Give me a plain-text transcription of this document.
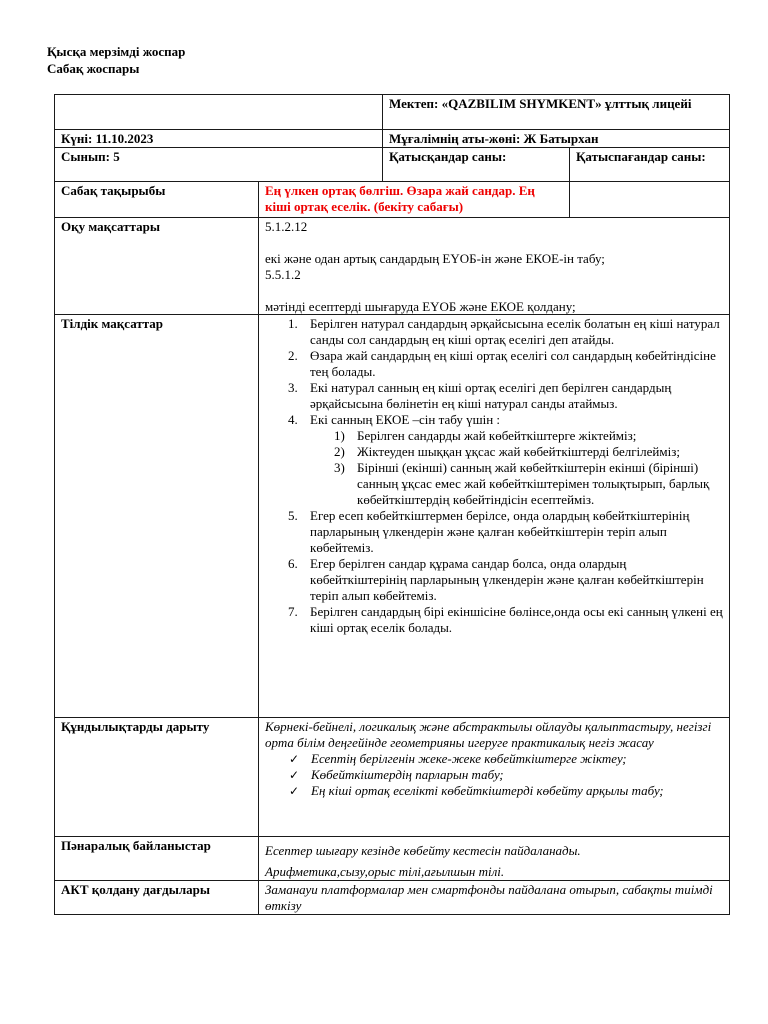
Қысқа мерзімді жоспар
Сабақ жоспары
Мектеп: «QAZBILIM SHYMKENT» ұлттық лицейі
Күні: 11.10.2023	Мұғалімнің аты-жөні: Ж Батырхан
Сынып: 5	Қатысқандар саны:	Қатыспағандар саны:
Сабақ тақырыбы	Ең үлкен ортақ бөлгіш. Өзара жай сандар. Ең кіші ортақ еселік. (бекіту сабағы)
Оқу мақсаттары	5.1.2.12

екі және одан артық сандардың ЕҮОБ-ін және ЕКОЕ-ін табу;

5.5.1.2

мәтінді есептерді шығаруда ЕҮОБ және ЕКОЕ қолдану;

Тілдік мақсаттар	1. Берілген натурал сандардың әрқайсысына еселік болатын ең кіші натурал санды сол сандардың ең кіші ортақ еселігі деп атайды.
2. Өзара жай сандардың ең кіші ортақ еселігі сол сандардың көбейтіндісіне тең болады.
3. Екі натурал санның ең кіші ортақ еселігі деп берілген сандардың әрқайсысына бөлінетін ең кіші натурал санды атаймыз.
4. Екі санның ЕКОЕ –сін табу үшін :
1) Берілген сандарды жай көбейткіштерге жіктейміз;
2) Жіктеуден шыққан ұқсас жай көбейткіштерді белгілейміз;
3) Бірінші (екінші) санның жай көбейткіштерін екінші (бірінші) санның ұқсас емес жай көбейткіштерімен толықтырып, барлық көбейткіштердің көбейтіндісін есептейміз.
5. Егер есеп көбейткіштермен берілсе, онда олардың көбейткіштерінің парларының үлкендерін және қалған көбейткіштерін теріп алып көбейтеміз.
6. Егер берілген сандар құрама сандар болса, онда олардың көбейткіштерінің парларының үлкендерін және қалған көбейткіштерін теріп алып көбейтеміз.
7. Берілген сандардың бірі екіншісіне бөлінсе,онда осы екі санның үлкені ең кіші ортақ еселік болады.
Құндылықтарды дарыту	Көрнекі-бейнелі, логикалық және абстрактылы ойлауды қалыптастыру, негізгі орта білім деңгейінде геометрияны игеруге практикалық негіз жасау

✓ Есептің берілгенін жеке-жеке көбейткіштерге жіктеу;
✓ Көбейткіштердің парларын табу;
✓ Ең кіші ортақ еселікті көбейткіштерді көбейту арқылы табу;
Пәнаралық байланыстар	Есептер шығару кезінде көбейту кестесін пайдаланады.

Арифметика,сызу,орыс тілі,ағылшын тілі.

АКТ қолдану дағдылары	Заманауи платформалар мен смартфонды пайдалана отырып, сабақты тиімді өткізу
